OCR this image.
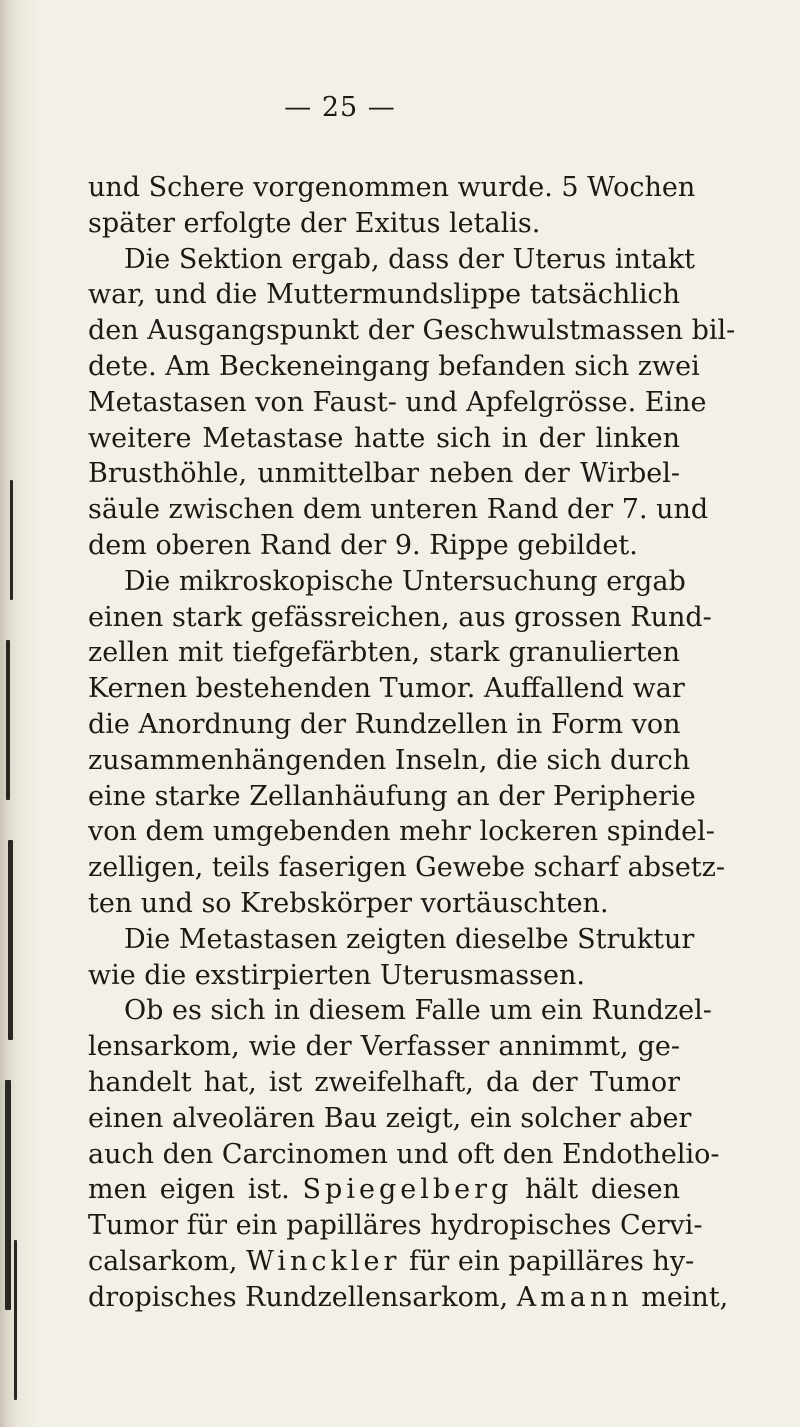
— 25 —
und Schere vorgenommen wurde. 5 Wochen
später erfolgte der Exitus letalis.
Die Sektion ergab, dass der Uterus intakt
war, und die Muttermundslippe tatsächlich
den Ausgangspunkt der Geschwulstmassen bil-
dete. Am Beckeneingang befanden sich zwei
Metastasen von Faust- und Apfelgrösse. Eine
weitere Metastase hatte sich in der linken
Brusthöhle, unmittelbar neben der Wirbel-
säule zwischen dem unteren Rand der 7. und
dem oberen Rand der 9. Rippe gebildet.
Die mikroskopische Untersuchung ergab
einen stark gefässreichen, aus grossen Rund-
zellen mit tiefgefärbten, stark granulierten
Kernen bestehenden Tumor. Auffallend war
die Anordnung der Rundzellen in Form von
zusammenhängenden Inseln, die sich durch
eine starke Zellanhäufung an der Peripherie
von dem umgebenden mehr lockeren spindel-
zelligen, teils faserigen Gewebe scharf absetz-
ten und so Krebskörper vortäuschten.
Die Metastasen zeigten dieselbe Struktur
wie die exstirpierten Uterusmassen.
Ob es sich in diesem Falle um ein Rundzel-
lensarkom, wie der Verfasser annimmt, ge-
handelt hat, ist zweifelhaft, da der Tumor
einen alveolären Bau zeigt, ein solcher aber
auch den Carcinomen und oft den Endothelio-
men eigen ist. Spiegelberg hält diesen
Tumor für ein papilläres hydropisches Cervi-
calsarkom, Winckler für ein papilläres hy-
dropisches Rundzellensarkom, Amann meint,
